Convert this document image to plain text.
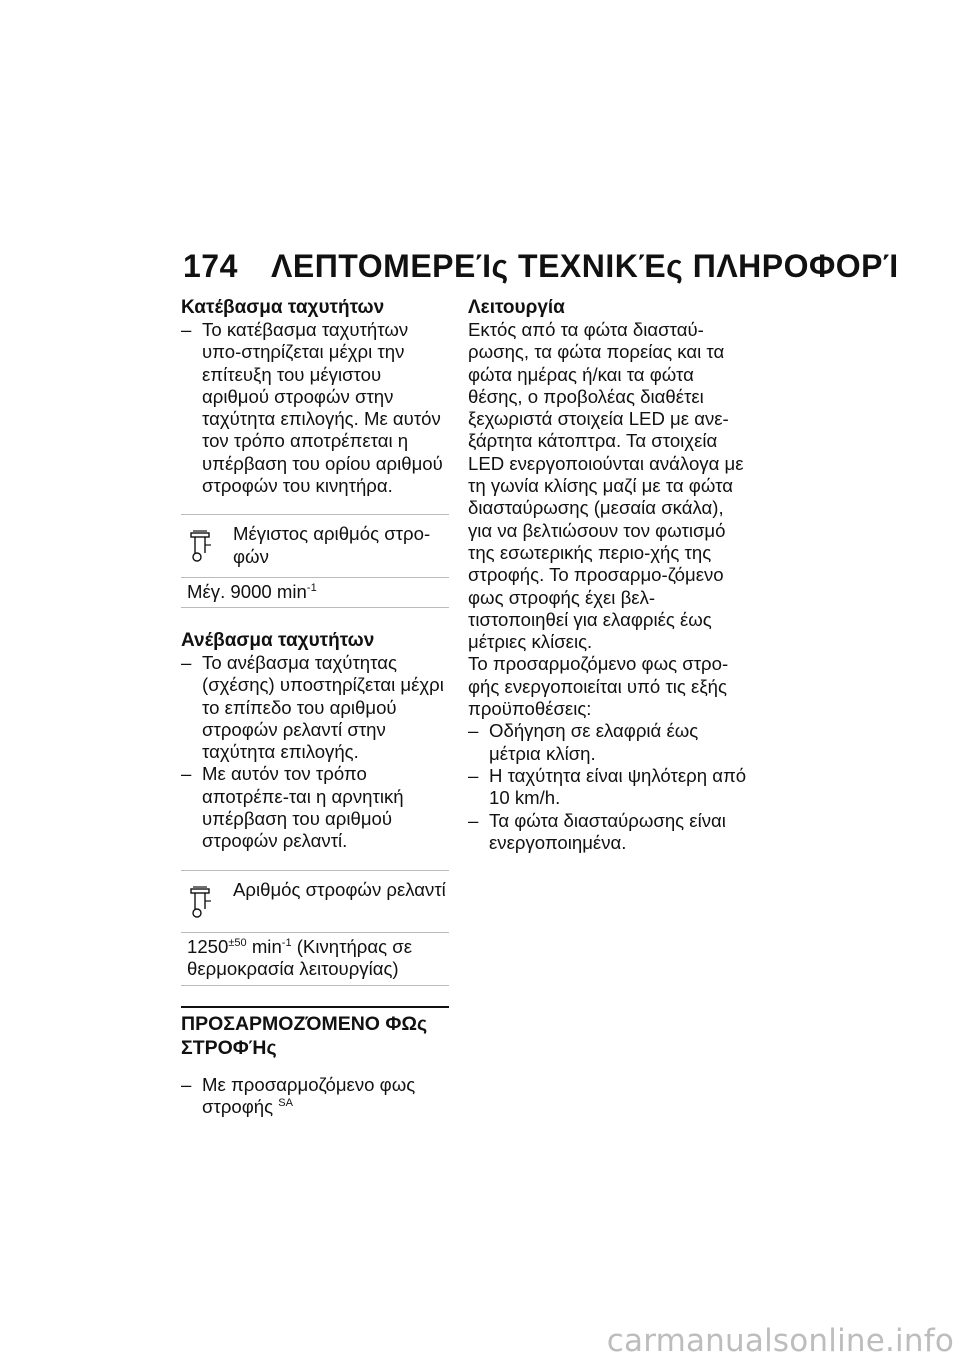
174 ΛΕΠΤΟΜΕΡΕΊς ΤΕΧΝΙΚΈς ΠΛΗΡΟΦΟΡΊ
Κατέβασμα ταχυτήτων

– Το κατέβασμα ταχυτήτων υπο-στηρίζεται μέχρι την επίτευξη του μέγιστου αριθμού στροφών στην ταχύτητα επιλογής. Με αυτόν τον τρόπο αποτρέπεται η υπέρβαση του ορίου αριθμού στροφών του κινητήρα.

Μέγιστος αριθμός στρο-φών
Μέγ. 9000 $\min^{-1}$
Ανέβασμα ταχυτήτων

– Το ανέβασμα ταχύτητας (σχέσης) υποστηρίζεται μέχρι το επίπεδο του αριθμού στροφών ρελαντί στην ταχύτητα επιλογής.

– Με αυτόν τον τρόπο αποτρέπε-ται η αρνητική υπέρβαση του αριθμού στροφών ρελαντί.

Αριθμός στροφών ρελαντί
$1250^{\pm 50}$ $\min^{-1} (K\iota\nu\eta\tau ή\rho\alpha\varsigma$ σε θερμοκρασία λειτουργίας)
ΠΡΟΣΑΡΜΟΖΌΜΕΝΟ ΦΩς ΣΤΡΟΦΉς

– Με προσαρμοζόμενο φως στροφής $^{SA}$

Λειτουργία

Εκτός από τα φώτα διασταύ-ρωσης, τα φώτα πορείας και τα φώτα ημέρας ή/και τα φώτα θέσης, ο προβολέας διαθέτει ξεχωριστά στοιχεία LED με ανε-ξάρτητα κάτοπτρα. Τα στοιχεία LED ενεργοποιούνται ανάλογα με τη γωνία κλίσης μαζί με τα φώτα διασταύρωσης (μεσαία σκάλα), για να βελτιώσουν τον φωτισμό της εσωτερικής περιο-χής της στροφής. Το προσαρμο-ζόμενο φως στροφής έχει βελ-τιστοποιηθεί για ελαφριές έως μέτριες κλίσεις.

Το προσαρμοζόμενο φως στρο-φής ενεργοποιείται υπό τις εξής προϋποθέσεις:

– Οδήγηση σε ελαφριά έως μέτρια κλίση.

– Η ταχύτητα είναι ψηλότερη από 10 km/h.

– Τα φώτα διασταύρωσης είναι ενεργοποιημένα.

carmanualsonline.info
